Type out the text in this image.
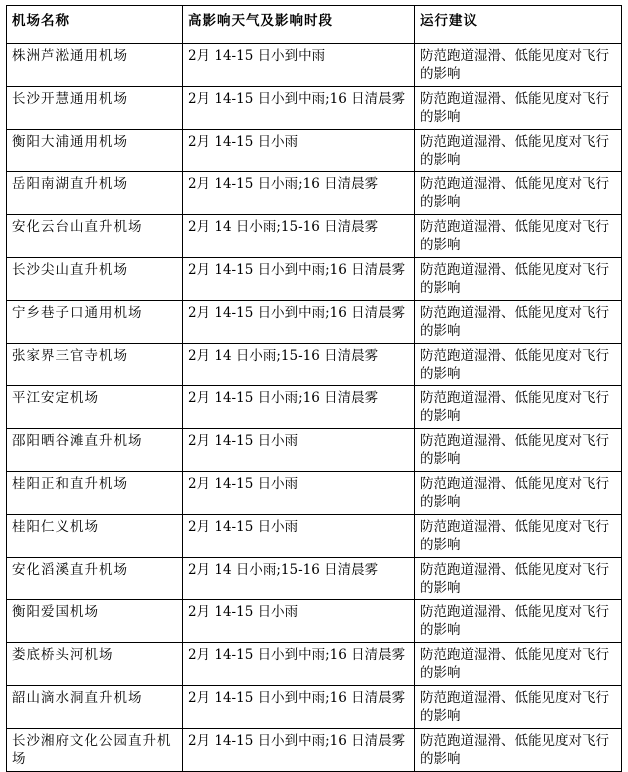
机场名称	高影响天气及影响时段	运行建议
株洲芦淞通用机场	2月 14-15 日小到中雨	防范跑道湿滑、低能见度对飞行的影响
长沙开慧通用机场	2月 14-15 日小到中雨;16 日清晨雾	防范跑道湿滑、低能见度对飞行的影响
衡阳大浦通用机场	2月 14-15 日小雨	防范跑道湿滑、低能见度对飞行的影响
岳阳南湖直升机场	2月 14-15 日小雨;16 日清晨雾	防范跑道湿滑、低能见度对飞行的影响
安化云台山直升机场	2月 14 日小雨;15-16 日清晨雾	防范跑道湿滑、低能见度对飞行的影响
长沙尖山直升机场	2月 14-15 日小到中雨;16 日清晨雾	防范跑道湿滑、低能见度对飞行的影响
宁乡巷子口通用机场	2月 14-15 日小到中雨;16 日清晨雾	防范跑道湿滑、低能见度对飞行的影响
张家界三官寺机场	2月 14 日小雨;15-16 日清晨雾	防范跑道湿滑、低能见度对飞行的影响
平江安定机场	2月 14-15 日小雨;16 日清晨雾	防范跑道湿滑、低能见度对飞行的影响
邵阳晒谷滩直升机场	2月 14-15 日小雨	防范跑道湿滑、低能见度对飞行的影响
桂阳正和直升机场	2月 14-15 日小雨	防范跑道湿滑、低能见度对飞行的影响
桂阳仁义机场	2月 14-15 日小雨	防范跑道湿滑、低能见度对飞行的影响
安化滔溪直升机场	2月 14 日小雨;15-16 日清晨雾	防范跑道湿滑、低能见度对飞行的影响
衡阳爱国机场	2月 14-15 日小雨	防范跑道湿滑、低能见度对飞行的影响
娄底桥头河机场	2月 14-15 日小到中雨;16 日清晨雾	防范跑道湿滑、低能见度对飞行的影响
韶山滴水洞直升机场	2月 14-15 日小到中雨;16 日清晨雾	防范跑道湿滑、低能见度对飞行的影响
长沙湘府文化公园直升机场	2月 14-15 日小到中雨;16 日清晨雾	防范跑道湿滑、低能见度对飞行的影响
